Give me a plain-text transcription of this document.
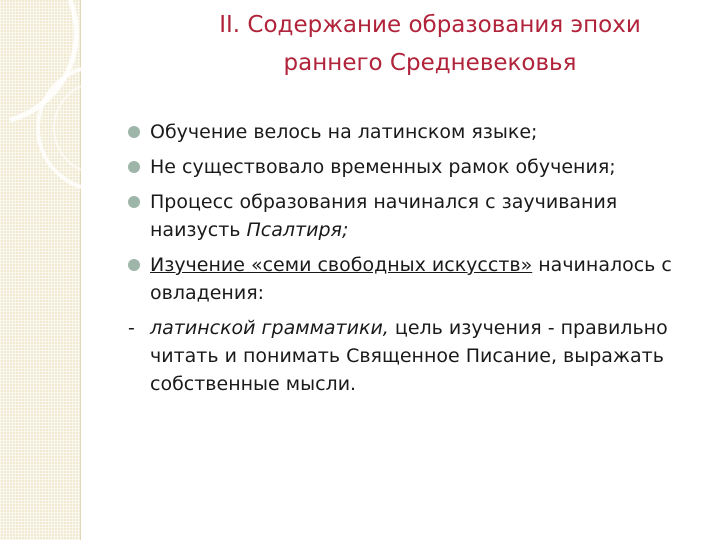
II. Содержание образования эпохи
раннего Средневековья
Обучение велось на латинском языке;
Не существовало временных рамок обучения;
Процесс образования начинался с заучивания наизусть Псалтиря;
Изучение «семи свободных искусств» начиналось с овладения:
- латинской грамматики, цель изучения - правильно читать и понимать Священное Писание, выражать собственные мысли.
